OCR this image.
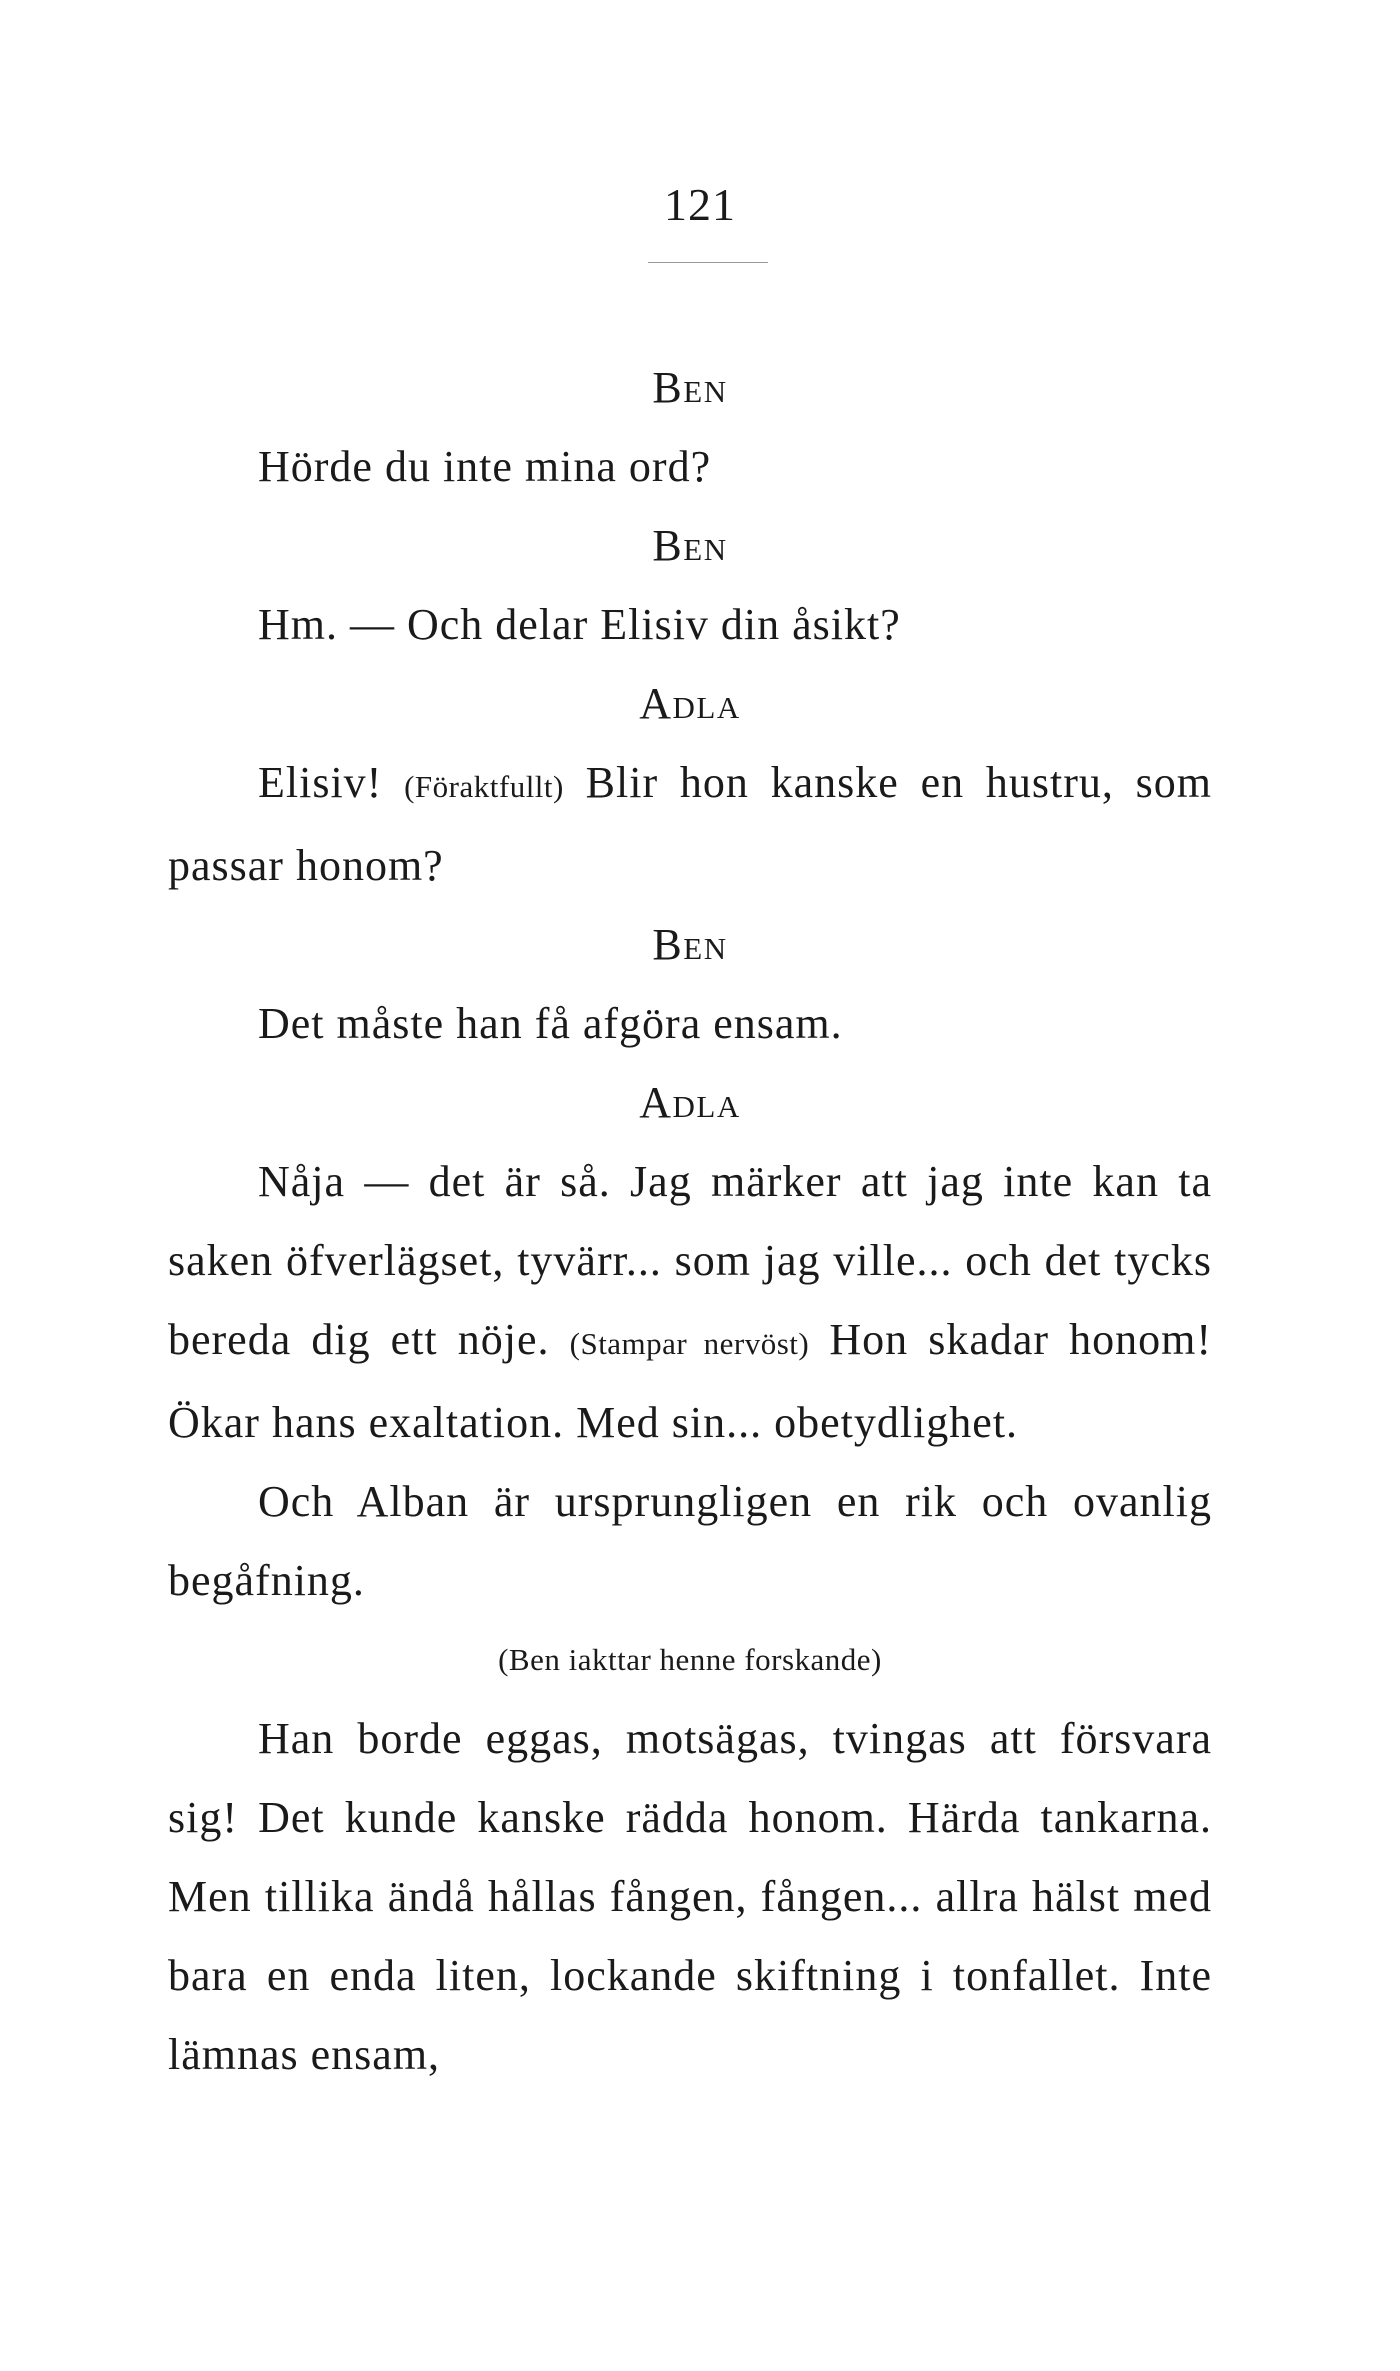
121

Ben

Hörde du inte mina ord?

Ben

Hm. — Och delar Elisiv din åsikt?

Adla

Elisiv! (Föraktfullt) Blir hon kanske en hustru, som passar honom?

Ben

Det måste han få afgöra ensam.

Adla

Nåja — det är så. Jag märker att jag inte kan ta saken öfverlägset, tyvärr... som jag ville... och det tycks bereda dig ett nöje. (Stampar nervöst) Hon skadar honom! Ökar hans exaltation. Med sin... obetydlighet.

Och Alban är ursprungligen en rik och ovanlig begåfning.

(Ben iakttar henne forskande)

Han borde eggas, motsägas, tvingas att försvara sig! Det kunde kanske rädda honom. Härda tankarna. Men tillika ändå hållas fången, fången... allra hälst med bara en enda liten, lockande skiftning i tonfallet. Inte lämnas ensam,
